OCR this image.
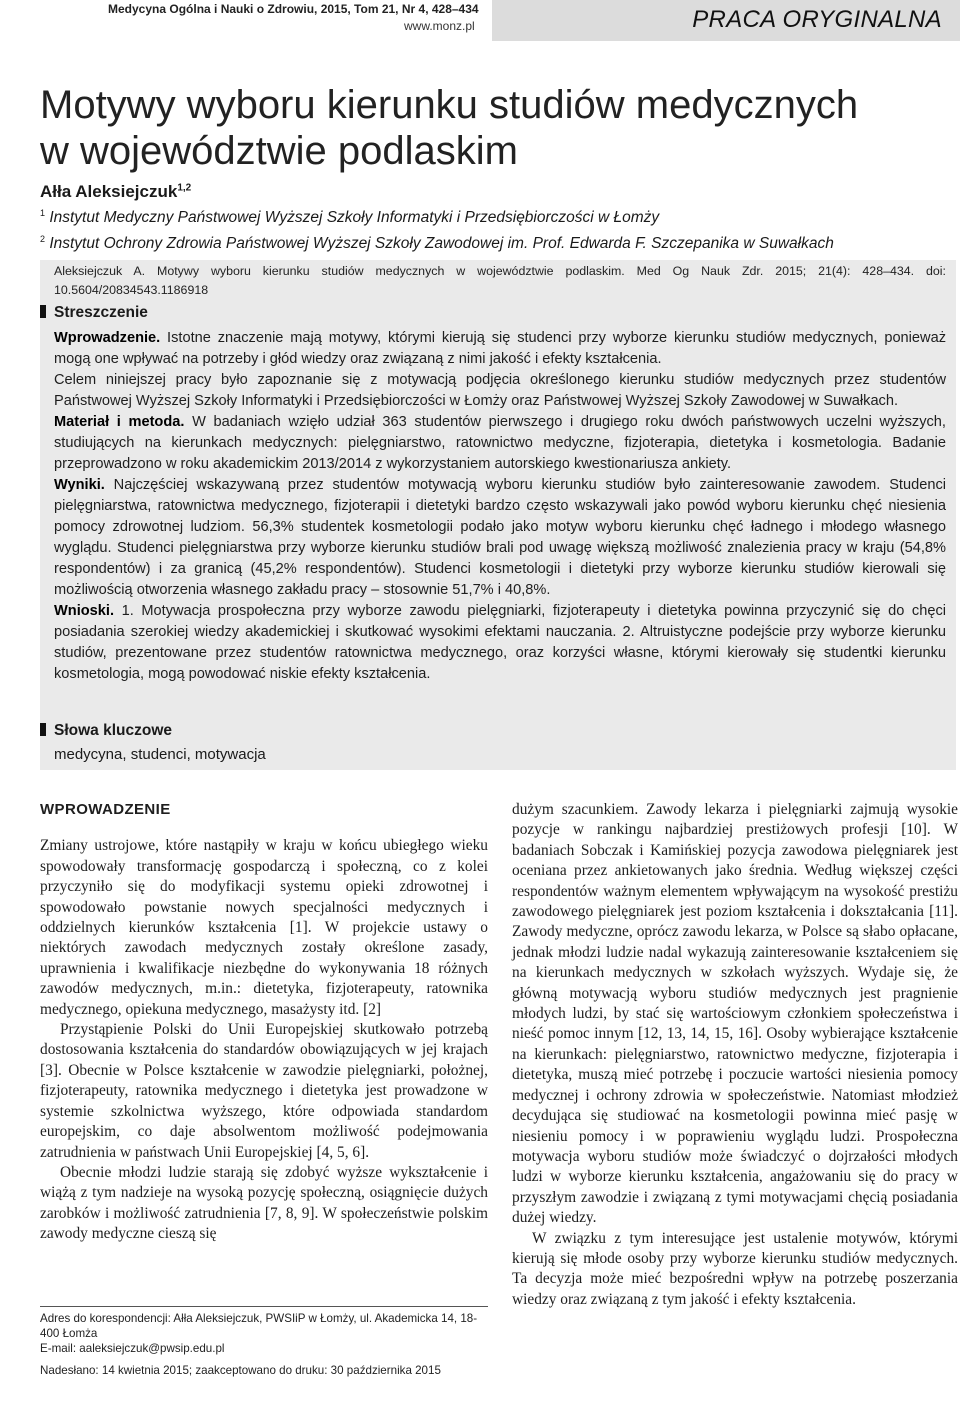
Medycyna Ogólna i Nauki o Zdrowiu, 2015, Tom 21, Nr 4, 428–434
www.monz.pl	PRACA ORYGINALNA
Motywy wyboru kierunku studiów medycznych
w województwie podlaskim
Ałła Aleksiejczuk$^{1,2}$
$^1$ Instytut Medyczny Państwowej Wyższej Szkoły Informatyki i Przedsiębiorczości w Łomży
$^2$ Instytut Ochrony Zdrowia Państwowej Wyższej Szkoły Zawodowej im. Prof. Edwarda F. Szczepanika w Suwałkach
Aleksiejczuk A. Motywy wyboru kierunku studiów medycznych w województwie podlaskim. Med Og Nauk Zdr. 2015; 21(4): 428–434. doi: 10.5604/20834543.1186918
Streszczenie

Wprowadzenie. Istotne znaczenie mają motywy, którymi kierują się studenci przy wyborze kierunku studiów medycznych, ponieważ mogą one wpływać na potrzeby i głód wiedzy oraz związaną z nimi jakość i efekty kształcenia.

Celem niniejszej pracy było zapoznanie się z motywacją podjęcia określonego kierunku studiów medycznych przez studentów Państwowej Wyższej Szkoły Informatyki i Przedsiębiorczości w Łomży oraz Państwowej Wyższej Szkoły Zawodowej w Suwałkach.

Materiał i metoda. W badaniach wzięło udział 363 studentów pierwszego i drugiego roku dwóch państwowych uczelni wyższych, studiujących na kierunkach medycznych: pielęgniarstwo, ratownictwo medyczne, fizjoterapia, dietetyka i kosmetologia. Badanie przeprowadzono w roku akademickim 2013/2014 z wykorzystaniem autorskiego kwestionariusza ankiety.

Wyniki. Najczęściej wskazywaną przez studentów motywacją wyboru kierunku studiów było zainteresowanie zawodem. Studenci pielęgniarstwa, ratownictwa medycznego, fizjoterapii i dietetyki bardzo często wskazywali jako powód wyboru kierunku chęć niesienia pomocy zdrowotnej ludziom. 56,3% studentek kosmetologii podało jako motyw wyboru kierunku chęć ładnego i młodego własnego wyglądu. Studenci pielęgniarstwa przy wyborze kierunku studiów brali pod uwagę większą możliwość znalezienia pracy w kraju (54,8% respondentów) i za granicą (45,2% respondentów). Studenci kosmetologii i dietetyki przy wyborze kierunku studiów kierowali się możliwością otworzenia własnego zakładu pracy – stosownie 51,7% i 40,8%.

Wnioski. 1. Motywacja prospołeczna przy wyborze zawodu pielęgniarki, fizjoterapeuty i dietetyka powinna przyczynić się do chęci posiadania szerokiej wiedzy akademickiej i skutkować wysokimi efektami nauczania. 2. Altruistyczne podejście przy wyborze kierunku studiów, prezentowane przez studentów ratownictwa medycznego, oraz korzyści własne, którymi kierowały się studentki kierunku kosmetologia, mogą powodować niskie efekty kształcenia.

Słowa kluczowe
medycyna, studenci, motywacja
WPROWADZENIE

Zmiany ustrojowe, które nastąpiły w kraju w końcu ubiegłego wieku spowodowały transformację gospodarczą i społeczną, co z kolei przyczyniło się do modyfikacji systemu opieki zdrowotnej i spowodowało powstanie nowych specjalności medycznych i oddzielnych kierunków kształcenia [1]. W projekcie ustawy o niektórych zawodach medycznych zostały określone zasady, uprawnienia i kwalifikacje niezbędne do wykonywania 18 różnych zawodów medycznych, m.in.: dietetyka, fizjoterapeuty, ratownika medycznego, opiekuna medycznego, masażysty itd. [2]

Przystąpienie Polski do Unii Europejskiej skutkowało potrzebą dostosowania kształcenia do standardów obowiązujących w jej krajach [3]. Obecnie w Polsce kształcenie w zawodzie pielęgniarki, położnej, fizjoterapeuty, ratownika medycznego i dietetyka jest prowadzone w systemie szkolnictwa wyższego, które odpowiada standardom europejskim, co daje absolwentom możliwość podejmowania zatrudnienia w państwach Unii Europejskiej [4, 5, 6].

Obecnie młodzi ludzie starają się zdobyć wyższe wykształcenie i wiążą z tym nadzieje na wysoką pozycję społeczną, osiągnięcie dużych zarobków i możliwość zatrudnienia [7, 8, 9]. W społeczeństwie polskim zawody medyczne cieszą się

dużym szacunkiem. Zawody lekarza i pielęgniarki zajmują wysokie pozycje w rankingu najbardziej prestiżowych profesji [10]. W badaniach Sobczak i Kamińskiej pozycja zawodowa pielęgniarek jest oceniana przez ankietowanych jako średnia. Według większej części respondentów ważnym elementem wpływającym na wysokość prestiżu zawodowego pielęgniarek jest poziom kształcenia i dokształcania [11]. Zawody medyczne, oprócz zawodu lekarza, w Polsce są słabo opłacane, jednak młodzi ludzie nadal wykazują zainteresowanie kształceniem się na kierunkach medycznych w szkołach wyższych. Wydaje się, że główną motywacją wyboru studiów medycznych jest pragnienie młodych ludzi, by stać się wartościowym członkiem społeczeństwa i nieść pomoc innym [12, 13, 14, 15, 16]. Osoby wybierające kształcenie na kierunkach: pielęgniarstwo, ratownictwo medyczne, fizjoterapia i dietetyka, muszą mieć potrzebę i poczucie wartości niesienia pomocy medycznej i ochrony zdrowia w społeczeństwie. Natomiast młodzież decydująca się studiować na kosmetologii powinna mieć pasję w niesieniu pomocy i w poprawieniu wyglądu ludzi. Prospołeczna motywacja wyboru studiów może świadczyć o dojrzałości młodych ludzi w wyborze kierunku kształcenia, angażowaniu się do pracy w przyszłym zawodzie i związaną z tymi motywacjami chęcią posiadania dużej wiedzy.

W związku z tym interesujące jest ustalenie motywów, którymi kierują się młode osoby przy wyborze kierunku studiów medycznych. Ta decyzja może mieć bezpośredni wpływ na potrzebę poszerzania wiedzy oraz związaną z tym jakość i efekty kształcenia.

Adres do korespondencji: Ałła Aleksiejczuk, PWSIiP w Łomży, ul. Akademicka 14, 18-400 Łomża
E-mail: aaleksiejczuk@pwsip.edu.pl
Nadesłano: 14 kwietnia 2015; zaakceptowano do druku: 30 października 2015
